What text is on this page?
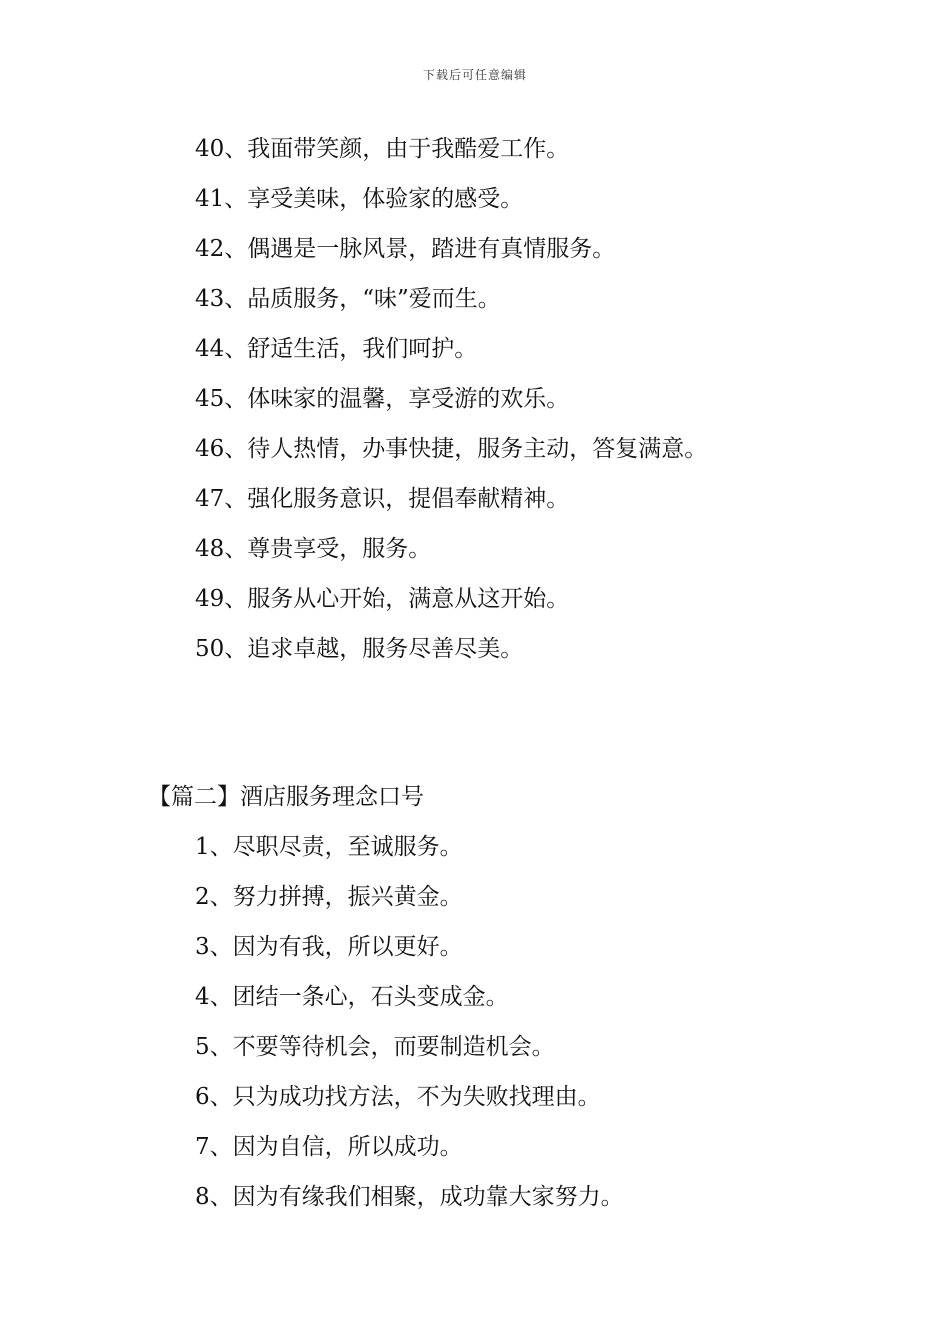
下载后可任意编辑
40、我面带笑颜，由于我酷爱工作。
41、享受美味，体验家的感受。
42、偶遇是一脉风景，踏进有真情服务。
43、品质服务，“味”爱而生。
44、舒适生活，我们呵护。
45、体味家的温馨，享受游的欢乐。
46、待人热情，办事快捷，服务主动，答复满意。
47、强化服务意识，提倡奉献精神。
48、尊贵享受，服务。
49、服务从心开始，满意从这开始。
50、追求卓越，服务尽善尽美。
【篇二】酒店服务理念口号
1、尽职尽责，至诚服务。
2、努力拼搏，振兴黄金。
3、因为有我，所以更好。
4、团结一条心，石头变成金。
5、不要等待机会，而要制造机会。
6、只为成功找方法，不为失败找理由。
7、因为自信，所以成功。
8、因为有缘我们相聚，成功靠大家努力。
